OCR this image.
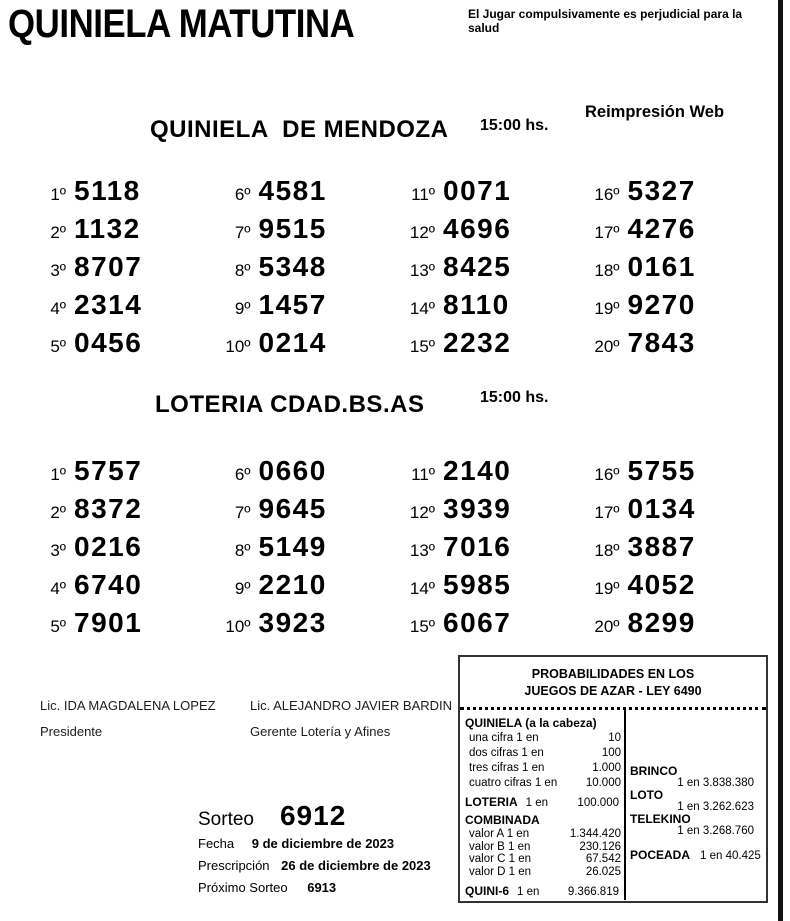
QUINIELA MATUTINA	El Jugar compulsivamente es perjudicial para la salud
Reimpresión Web
QUINIELA  DE MENDOZA 15:00 hs.
1º 5118
2º 1132
3º 8707
4º 2314
5º 0456
6º 4581
7º 9515
8º 5348
9º 1457
10º 0214
11º 0071
12º 4696
13º 8425
14º 8110
15º 2232
16º 5327
17º 4276
18º 0161
19º 9270
20º 7843
LOTERIA CDAD.BS.AS	15:00 hs.
1º 5757
2º 8372
3º 0216
4º 6740
5º 7901
6º 0660
7º 9645
8º 5149
9º 2210
10º 3923
11º 2140
12º 3939
13º 7016
14º 5985
15º 6067
16º 5755
17º 0134
18º 3887
19º 4052
20º 8299
Lic. IDA MAGDALENA LOPEZ
Presidente
Lic. ALEJANDRO JAVIER BARDIN
Gerente Lotería y Afines
Sorteo 6912
Fecha 9 de diciembre de 2023
Prescripción 26 de diciembre de 2023
Próximo Sorteo 6913
PROBABILIDADES EN LOS
JUEGOS DE AZAR - LEY 6490
QUINIELA (a la cabeza)
una cifra 1 en	10
dos cifras 1 en	100
tres cifras 1 en	1.000
cuatro cifras 1 en 10.000
LOTERIA 1 en	100.000
COMBINADA
valor A 1 en	1.344.420
valor B 1 en	230.126
valor C 1 en	67.542
valor D 1 en	26.025
QUINI-6 1 en 9.366.819
BRINCO
1 en 3.838.380
LOTO
1 en 3.262.623
TELEKINO
1 en 3.268.760
POCEADA 1 en 40.425
